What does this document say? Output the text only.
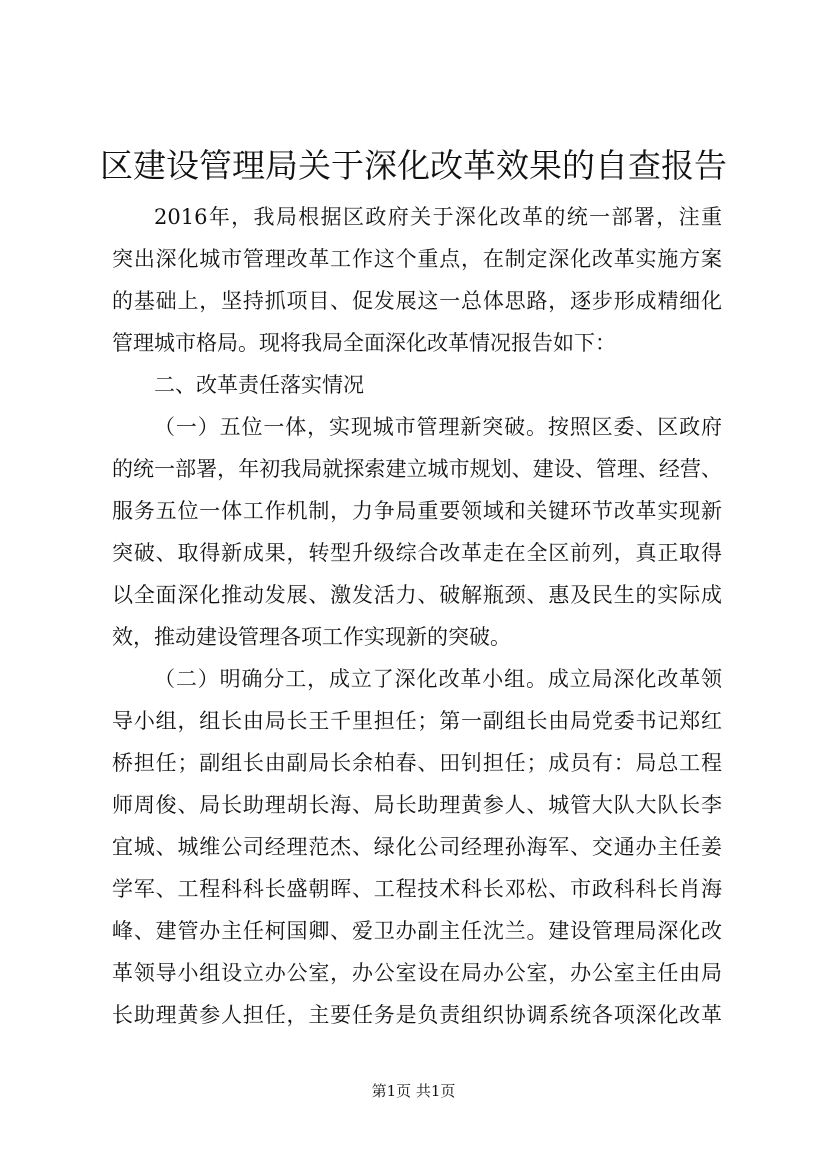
区建设管理局关于深化改革效果的自查报告
2016年，我局根据区政府关于深化改革的统一部署，注重
突出深化城市管理改革工作这个重点，在制定深化改革实施方案
的基础上，坚持抓项目、促发展这一总体思路，逐步形成精细化
管理城市格局。现将我局全面深化改革情况报告如下：
二、改革责任落实情况
（一）五位一体，实现城市管理新突破。按照区委、区政府
的统一部署，年初我局就探索建立城市规划、建设、管理、经营、
服务五位一体工作机制，力争局重要领域和关键环节改革实现新
突破、取得新成果，转型升级综合改革走在全区前列，真正取得
以全面深化推动发展、激发活力、破解瓶颈、惠及民生的实际成
效，推动建设管理各项工作实现新的突破。
（二）明确分工，成立了深化改革小组。成立局深化改革领
导小组，组长由局长王千里担任；第一副组长由局党委书记郑红
桥担任；副组长由副局长余柏春、田钊担任；成员有：局总工程
师周俊、局长助理胡长海、局长助理黄参人、城管大队大队长李
宜城、城维公司经理范杰、绿化公司经理孙海军、交通办主任姜
学军、工程科科长盛朝晖、工程技术科长邓松、市政科科长肖海
峰、建管办主任柯国卿、爱卫办副主任沈兰。建设管理局深化改
革领导小组设立办公室，办公室设在局办公室，办公室主任由局
长助理黄参人担任，主要任务是负责组织协调系统各项深化改革
第1页 共1页
